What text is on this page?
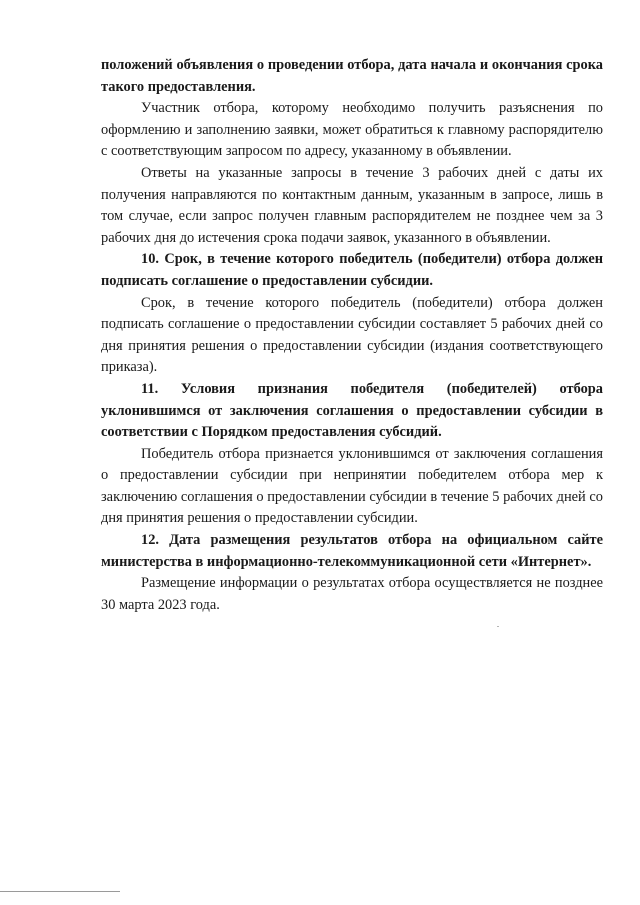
положений объявления о проведении отбора, дата начала и окончания срока такого предоставления.

Участник отбора, которому необходимо получить разъяснения по оформлению и заполнению заявки, может обратиться к главному распорядителю с соответствующим запросом по адресу, указанному в объявлении.

Ответы на указанные запросы в течение 3 рабочих дней с даты их получения направляются по контактным данным, указанным в запросе, лишь в том случае, если запрос получен главным распорядителем не позднее чем за 3 рабочих дня до истечения срока подачи заявок, указанного в объявлении.

10. Срок, в течение которого победитель (победители) отбора должен подписать соглашение о предоставлении субсидии.

Срок, в течение которого победитель (победители) отбора должен подписать соглашение о предоставлении субсидии составляет 5 рабочих дней со дня принятия решения о предоставлении субсидии (издания соответствующего приказа).

11. Условия признания победителя (победителей) отбора уклонившимся от заключения соглашения о предоставлении субсидии в соответствии с Порядком предоставления субсидий.

Победитель отбора признается уклонившимся от заключения соглашения о предоставлении субсидии при непринятии победителем отбора мер к заключению соглашения о предоставлении субсидии в течение 5 рабочих дней со дня принятия решения о предоставлении субсидии.

12. Дата размещения результатов отбора на официальном сайте министерства в информационно-телекоммуникационной сети «Интернет».

Размещение информации о результатах отбора осуществляется не позднее 30 марта 2023 года.
